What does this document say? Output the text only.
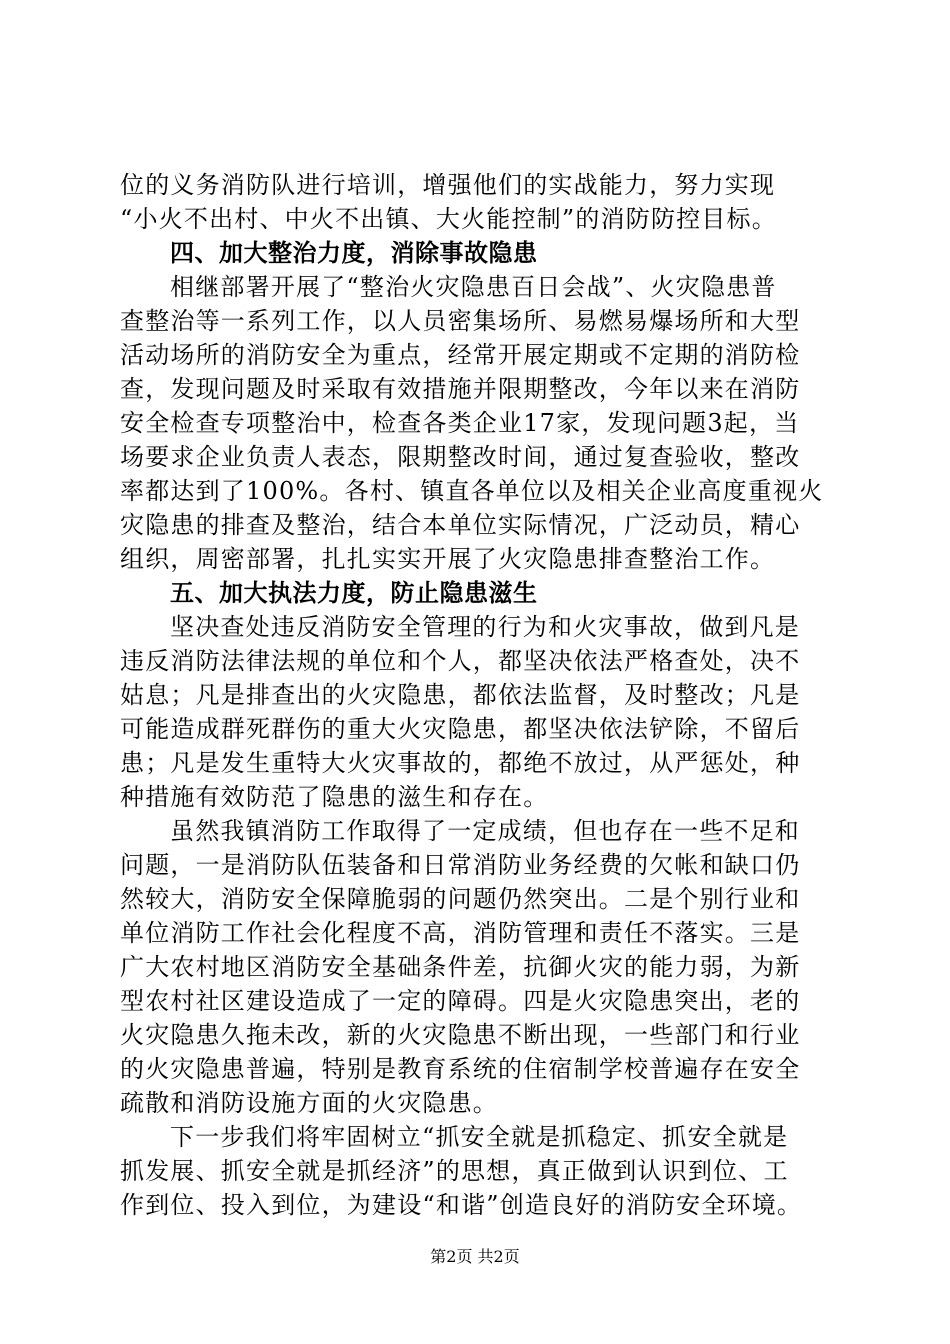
位的义务消防队进行培训，增强他们的实战能力，努力实现
“小火不出村、中火不出镇、大火能控制”的消防防控目标。
四、加大整治力度，消除事故隐患
相继部署开展了“整治火灾隐患百日会战”、火灾隐患普
查整治等一系列工作，以人员密集场所、易燃易爆场所和大型
活动场所的消防安全为重点，经常开展定期或不定期的消防检
查，发现问题及时采取有效措施并限期整改，今年以来在消防
安全检查专项整治中，检查各类企业17家，发现问题3起，当
场要求企业负责人表态，限期整改时间，通过复查验收，整改
率都达到了100%。各村、镇直各单位以及相关企业高度重视火
灾隐患的排查及整治，结合本单位实际情况，广泛动员，精心
组织，周密部署，扎扎实实开展了火灾隐患排查整治工作。
五、加大执法力度，防止隐患滋生
坚决查处违反消防安全管理的行为和火灾事故，做到凡是
违反消防法律法规的单位和个人，都坚决依法严格查处，决不
姑息；凡是排查出的火灾隐患，都依法监督，及时整改；凡是
可能造成群死群伤的重大火灾隐患，都坚决依法铲除，不留后
患；凡是发生重特大火灾事故的，都绝不放过，从严惩处，种
种措施有效防范了隐患的滋生和存在。
虽然我镇消防工作取得了一定成绩，但也存在一些不足和
问题，一是消防队伍装备和日常消防业务经费的欠帐和缺口仍
然较大，消防安全保障脆弱的问题仍然突出。二是个别行业和
单位消防工作社会化程度不高，消防管理和责任不落实。三是
广大农村地区消防安全基础条件差，抗御火灾的能力弱，为新
型农村社区建设造成了一定的障碍。四是火灾隐患突出，老的
火灾隐患久拖未改，新的火灾隐患不断出现，一些部门和行业
的火灾隐患普遍，特别是教育系统的住宿制学校普遍存在安全
疏散和消防设施方面的火灾隐患。
下一步我们将牢固树立“抓安全就是抓稳定、抓安全就是
抓发展、抓安全就是抓经济”的思想，真正做到认识到位、工
作到位、投入到位，为建设“和谐”创造良好的消防安全环境。
第2页 共2页
